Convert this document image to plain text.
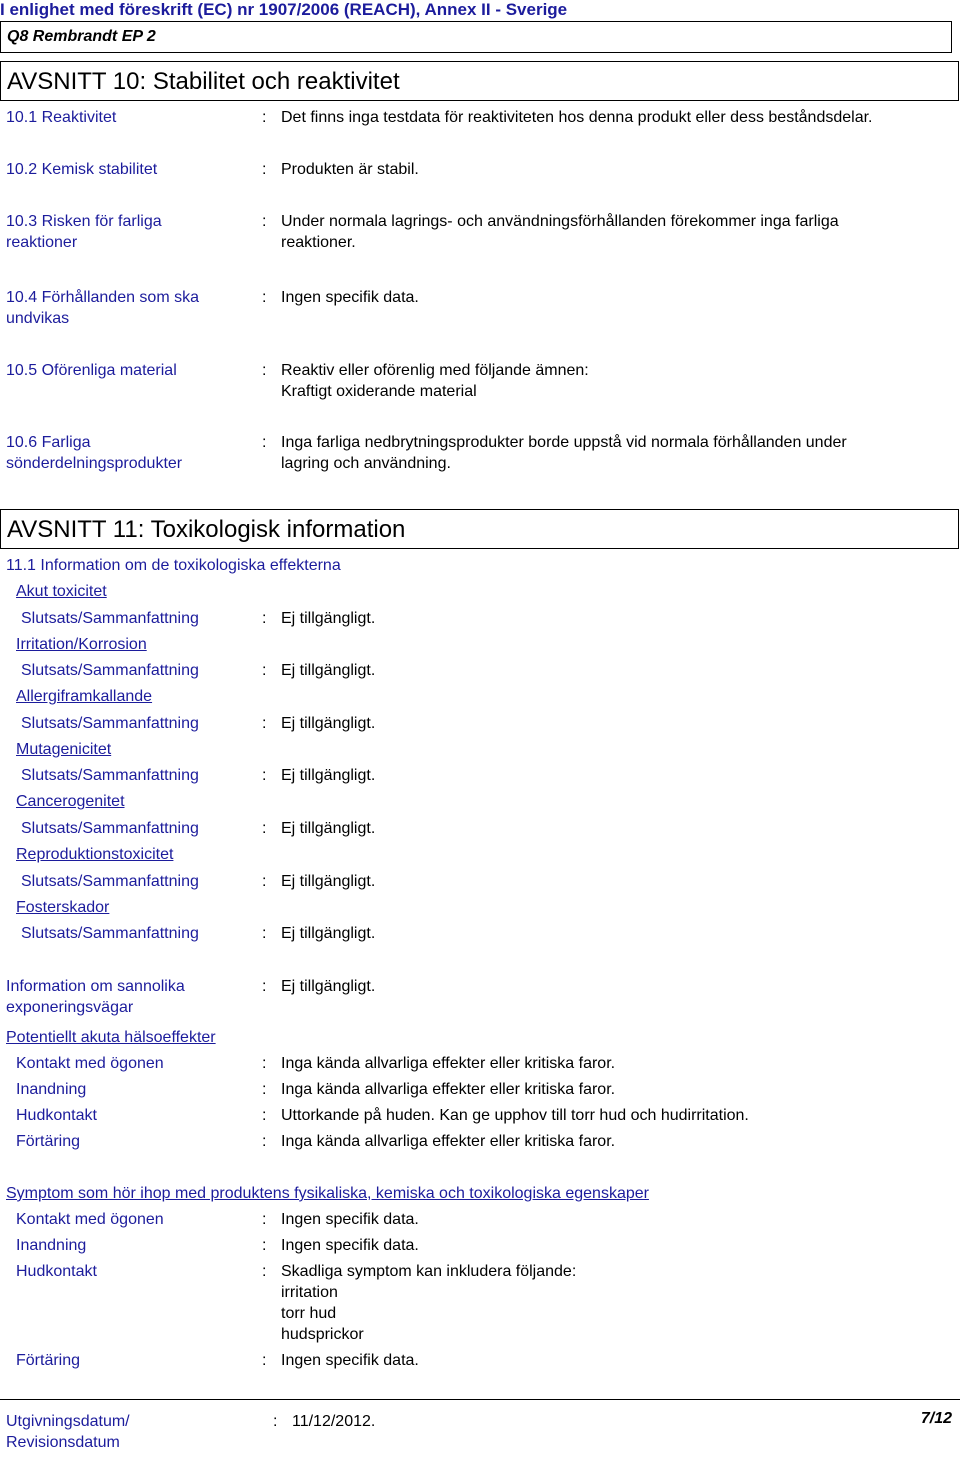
I enlighet med föreskrift (EC) nr 1907/2006 (REACH), Annex II - Sverige
Q8 Rembrandt EP 2
AVSNITT 10: Stabilitet och reaktivitet
10.1 Reaktivitet	: Det finns inga testdata för reaktiviteten hos denna produkt eller dess beståndsdelar.
10.2 Kemisk stabilitet	: Produkten är stabil.
10.3 Risken för farliga
reaktioner
: Under normala lagrings- och användningsförhållanden förekommer inga farliga
reaktioner.
10.4 Förhållanden som ska
undvikas
: Ingen specifik data.
10.5 Oförenliga material	: Reaktiv eller oförenlig med följande ämnen:
Kraftigt oxiderande material
10.6 Farliga
sönderdelningsprodukter
: Inga farliga nedbrytningsprodukter borde uppstå vid normala förhållanden under
lagring och användning.
AVSNITT 11: Toxikologisk information
11.1 Information om de toxikologiska effekterna
Akut toxicitet
Slutsats/Sammanfattning	: Ej tillgängligt.
Irritation/Korrosion
Slutsats/Sammanfattning	: Ej tillgängligt.
Allergiframkallande
Slutsats/Sammanfattning	: Ej tillgängligt.
Mutagenicitet
Slutsats/Sammanfattning	: Ej tillgängligt.
Cancerogenitet
Slutsats/Sammanfattning	: Ej tillgängligt.
Reproduktionstoxicitet
Slutsats/Sammanfattning	: Ej tillgängligt.
Fosterskador
Slutsats/Sammanfattning	: Ej tillgängligt.
Information om sannolika
exponeringsvägar
: Ej tillgängligt.
Potentiellt akuta hälsoeffekter
Kontakt med ögonen	: Inga kända allvarliga effekter eller kritiska faror.
Inandning	: Inga kända allvarliga effekter eller kritiska faror.
Hudkontakt	: Uttorkande på huden. Kan ge upphov till torr hud och hudirritation.
Förtäring	: Inga kända allvarliga effekter eller kritiska faror.
Symptom som hör ihop med produktens fysikaliska, kemiska och toxikologiska egenskaper
Kontakt med ögonen	: Ingen specifik data.
Inandning	: Ingen specifik data.
Hudkontakt	: Skadliga symptom kan inkludera följande:
irritation
torr hud
hudsprickor
Förtäring	: Ingen specifik data.
Utgivningsdatum/
Revisionsdatum
: 11/12/2012.	7/12
